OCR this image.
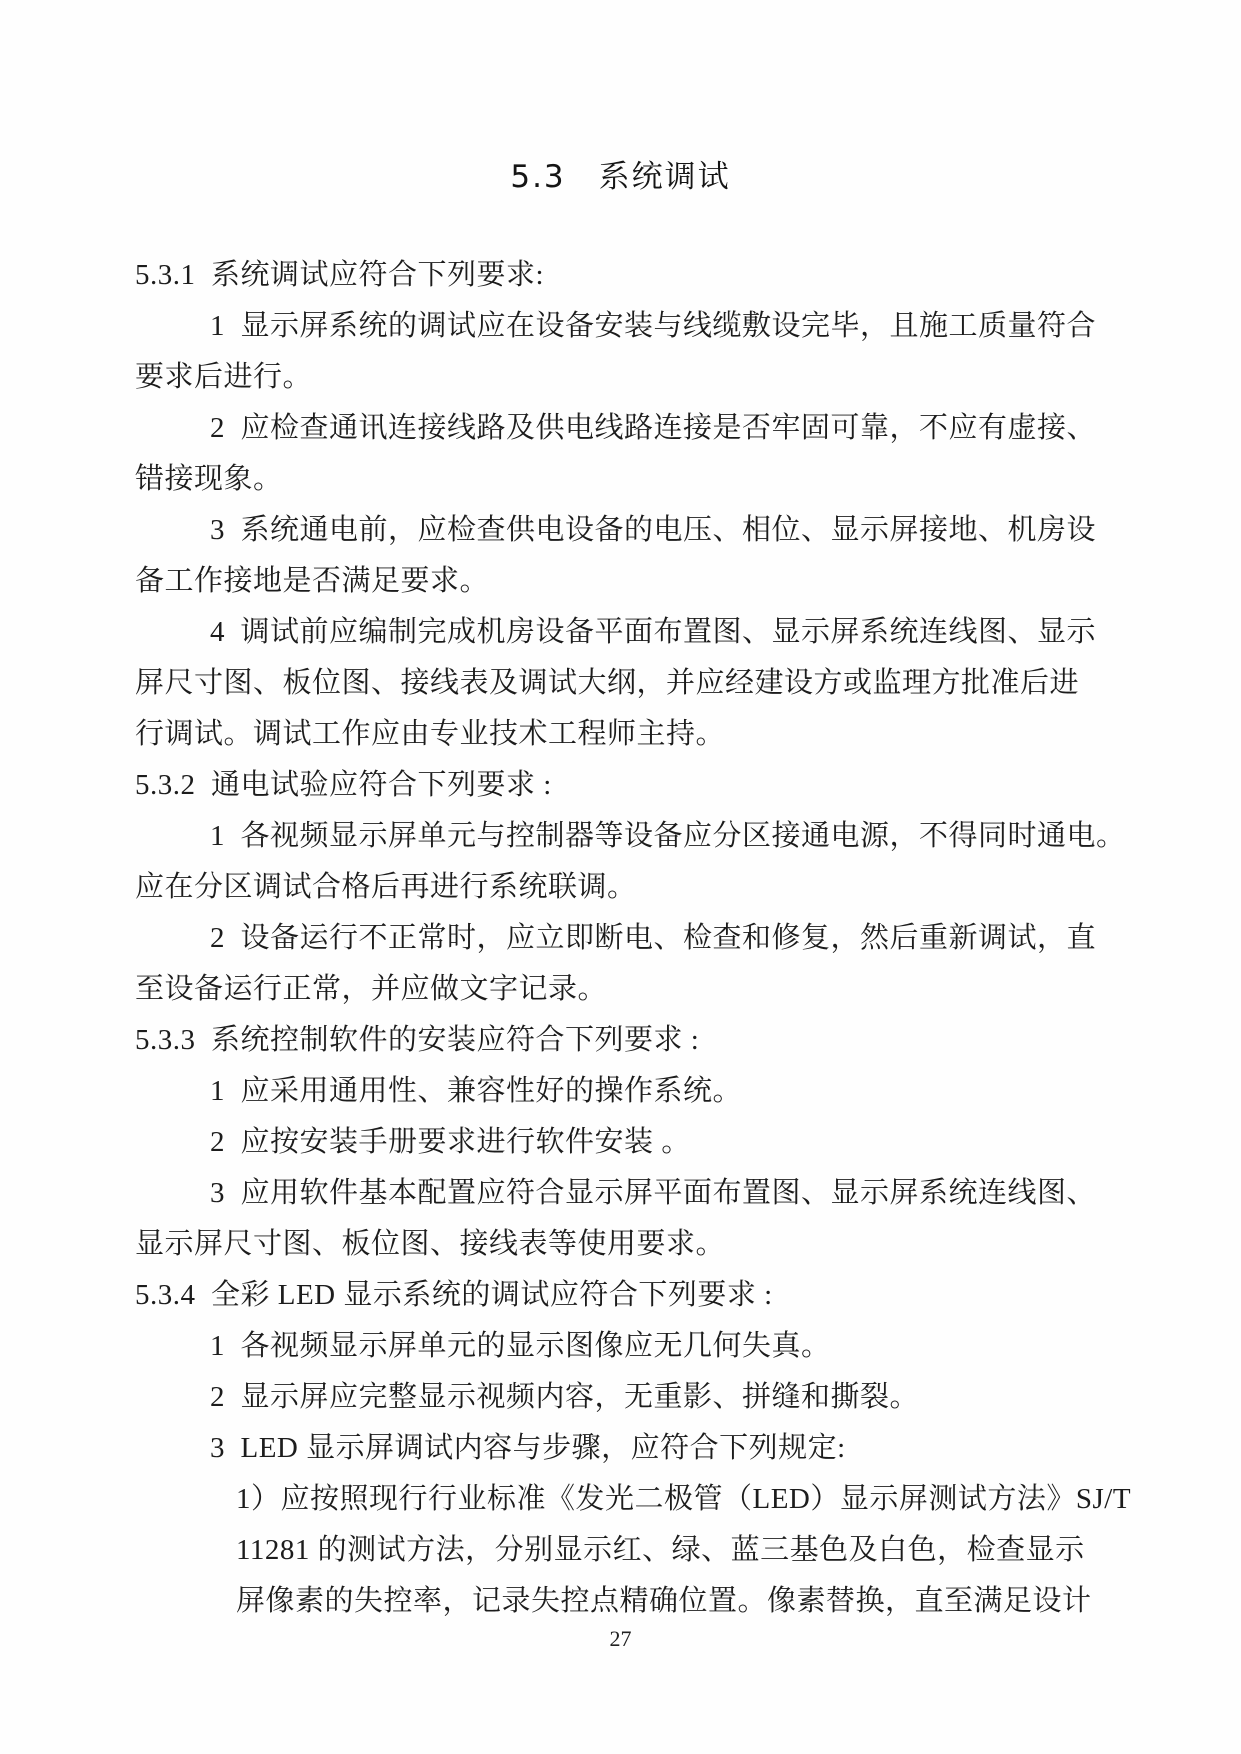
5.3　系统调试
5.3.1  系统调试应符合下列要求:
1  显示屏系统的调试应在设备安装与线缆敷设完毕，且施工质量符合
要求后进行。
2  应检查通讯连接线路及供电线路连接是否牢固可靠，不应有虚接、
错接现象。
3  系统通电前，应检查供电设备的电压、相位、显示屏接地、机房设
备工作接地是否满足要求。
4  调试前应编制完成机房设备平面布置图、显示屏系统连线图、显示
屏尺寸图、板位图、接线表及调试大纲，并应经建设方或监理方批准后进
行调试。调试工作应由专业技术工程师主持。
5.3.2  通电试验应符合下列要求 :
1  各视频显示屏单元与控制器等设备应分区接通电源，不得同时通电。
应在分区调试合格后再进行系统联调。
2  设备运行不正常时，应立即断电、检查和修复，然后重新调试，直
至设备运行正常，并应做文字记录。
5.3.3  系统控制软件的安装应符合下列要求 :
1  应采用通用性、兼容性好的操作系统。
2  应按安装手册要求进行软件安装 。
3  应用软件基本配置应符合显示屏平面布置图、显示屏系统连线图、
显示屏尺寸图、板位图、接线表等使用要求。
5.3.4  全彩 LED 显示系统的调试应符合下列要求 :
1  各视频显示屏单元的显示图像应无几何失真。
2  显示屏应完整显示视频内容，无重影、拼缝和撕裂。
3  LED 显示屏调试内容与步骤，应符合下列规定:
1）应按照现行行业标准《发光二极管（LED）显示屏测试方法》SJ/T
11281 的测试方法，分别显示红、绿、蓝三基色及白色，检查显示
屏像素的失控率，记录失控点精确位置。像素替换，直至满足设计
27
